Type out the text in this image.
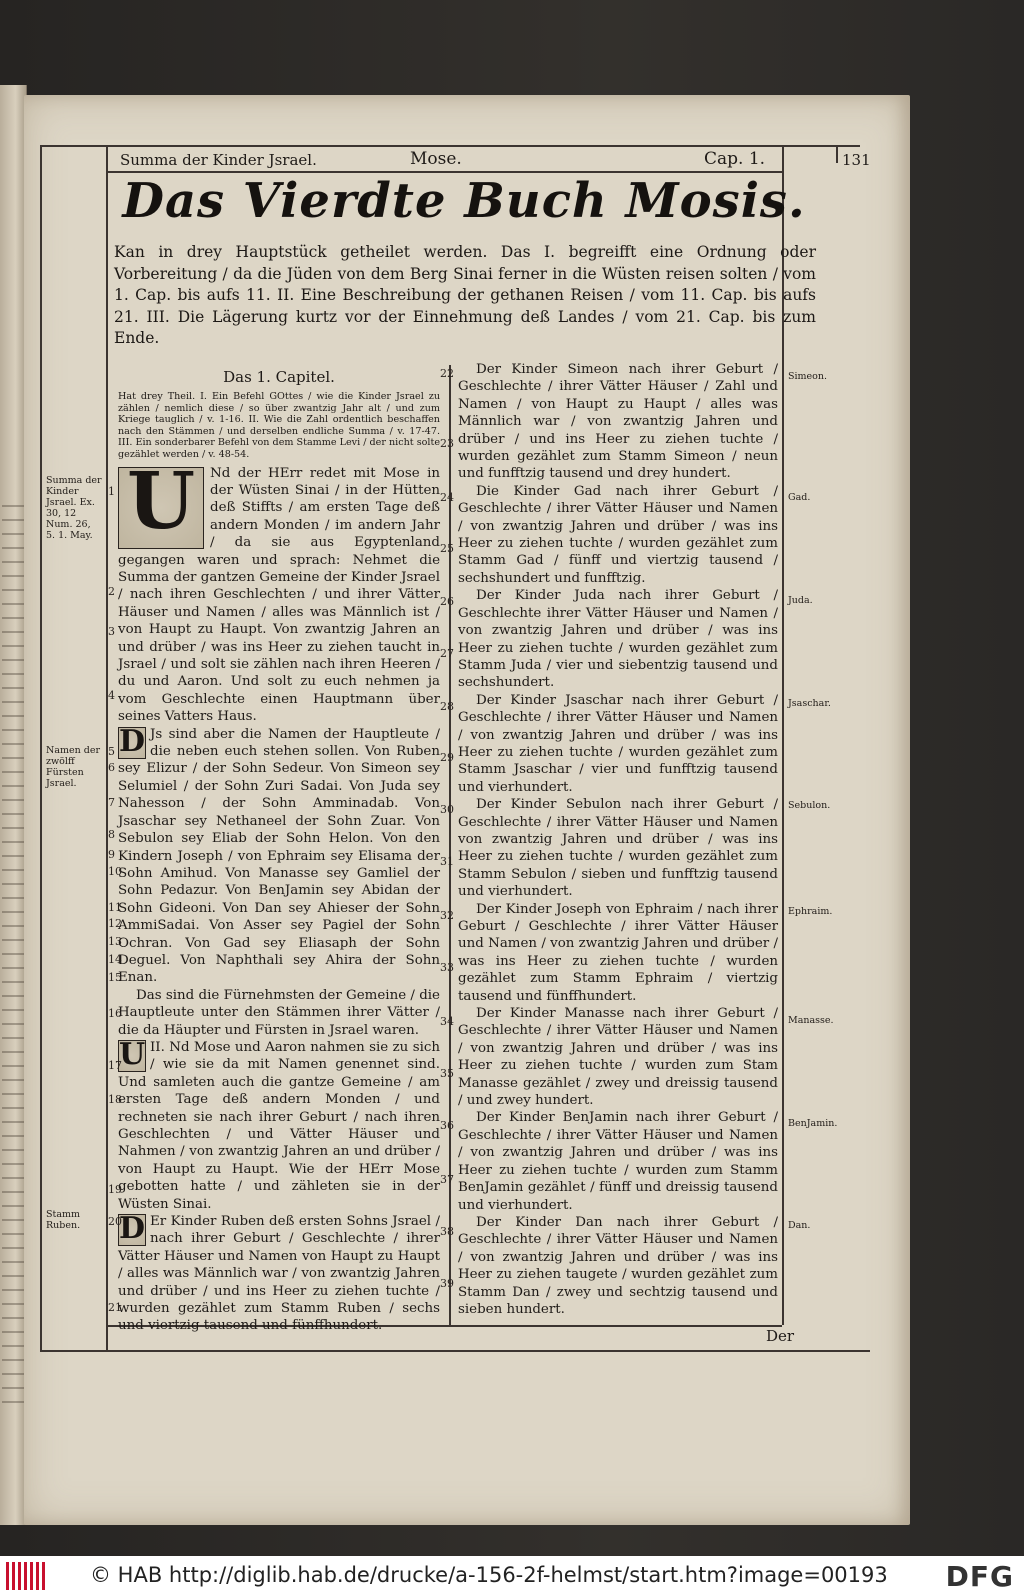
Summa der Kinder Jsrael.	Mose.	Cap. 1.	131
Das Vierdte Buch Mosis.
Kan in drey Hauptstück getheilet werden. Das I. begreifft eine Ordnung oder Vorbereitung / da die Jüden von dem Berg Sinai ferner in die Wüsten reisen solten / vom 1. Cap. bis aufs 11. II. Eine Beschreibung der gethanen Reisen / vom 11. Cap. bis aufs 21. III. Die Lägerung kurtz vor der Einnehmung deß Landes / vom 21. Cap. bis zum Ende.

Das 1. Capitel.

Hat drey Theil. I. Ein Befehl GOttes / wie die Kinder Jsrael zu zählen / nemlich diese / so über zwantzig Jahr alt / und zum Kriege tauglich / v. 1-16. II. Wie die Zahl ordentlich beschaffen nach den Stämmen / und derselben endliche Summa / v. 17-47. III. Ein sonderbarer Befehl von dem Stamme Levi / der nicht solte gezählet werden / v. 48-54.

U	Nd der HErr redet mit Mose in der Wüsten Sinai / in der Hütten deß Stiffts / am ersten Tage deß andern Monden / im andern Jahr / da sie aus Egyptenland gegangen waren und sprach: Nehmet die Summa der gantzen Gemeine der Kinder Jsrael / nach ihren Geschlechten / und ihrer Vätter Häuser und Namen / alles was Männlich ist / von Haupt zu Haupt. Von zwantzig Jahren an und drüber / was ins Heer zu ziehen taucht in Jsrael / und solt sie zählen nach ihren Heeren / du und Aaron. Und solt zu euch nehmen ja vom Geschlechte einen Hauptmann über seines Vatters Haus.

D Js sind aber die Namen der Hauptleute / die neben euch stehen sollen. Von Ruben sey Elizur / der Sohn Sedeur. Von Simeon sey Selumiel / der Sohn Zuri Sadai. Von Juda sey Nahesson / der Sohn Amminadab. Von Jsaschar sey Nethaneel der Sohn Zuar. Von Sebulon sey Eliab der Sohn Helon. Von den Kindern Joseph / von Ephraim sey Elisama der Sohn Amihud. Von Manasse sey Gamliel der Sohn Pedazur. Von BenJamin sey Abidan der Sohn Gideoni. Von Dan sey Ahieser der Sohn AmmiSadai. Von Asser sey Pagiel der Sohn Ochran. Von Gad sey Eliasaph der Sohn Deguel. Von Naphthali sey Ahira der Sohn Enan.

Das sind die Fürnehmsten der Gemeine / die Hauptleute unter den Stämmen ihrer Vätter / die da Häupter und Fürsten in Jsrael waren.

U II. Nd Mose und Aaron nahmen sie zu sich / wie sie da mit Namen genennet sind. Und samleten auch die gantze Gemeine / am ersten Tage deß andern Monden / und rechneten sie nach ihrer Geburt / nach ihren Geschlechten / und Vätter Häuser und Nahmen / von zwantzig Jahren an und drüber / von Haupt zu Haupt. Wie der HErr Mose gebotten hatte / und zähleten sie in der Wüsten Sinai.

D Er Kinder Ruben deß ersten Sohns Jsrael / nach ihrer Geburt / Geschlechte / ihrer Vätter Häuser und Namen von Haupt zu Haupt / alles was Männlich war / von zwantzig Jahren und drüber / und ins Heer zu ziehen tuchte / wurden gezählet zum Stamm Ruben / sechs und viertzig tausend und fünffhundert.

Der Kinder Simeon nach ihrer Geburt / Geschlechte / ihrer Vätter Häuser / Zahl und Namen / von Haupt zu Haupt / alles was Männlich war / von zwantzig Jahren und drüber / und ins Heer zu ziehen tuchte / wurden gezählet zum Stamm Simeon / neun und funfftzig tausend und drey hundert.

Die Kinder Gad nach ihrer Geburt / Geschlechte / ihrer Vätter Häuser und Namen / von zwantzig Jahren und drüber / was ins Heer zu ziehen tuchte / wurden gezählet zum Stamm Gad / fünff und viertzig tausend / sechshundert und funfftzig.

Der Kinder Juda nach ihrer Geburt / Geschlechte ihrer Vätter Häuser und Namen / von zwantzig Jahren und drüber / was ins Heer zu ziehen tuchte / wurden gezählet zum Stamm Juda / vier und siebentzig tausend und sechshundert.

Der Kinder Jsaschar nach ihrer Geburt / Geschlechte / ihrer Vätter Häuser und Namen / von zwantzig Jahren und drüber / was ins Heer zu ziehen tuchte / wurden gezählet zum Stamm Jsaschar / vier und funfftzig tausend und vierhundert.

Der Kinder Sebulon nach ihrer Geburt / Geschlechte / ihrer Vätter Häuser und Namen von zwantzig Jahren und drüber / was ins Heer zu ziehen tuchte / wurden gezählet zum Stamm Sebulon / sieben und funfftzig tausend und vierhundert.

Der Kinder Joseph von Ephraim / nach ihrer Geburt / Geschlechte / ihrer Vätter Häuser und Namen / von zwantzig Jahren und drüber / was ins Heer zu ziehen tuchte / wurden gezählet zum Stamm Ephraim / viertzig tausend und fünffhundert.

Der Kinder Manasse nach ihrer Geburt / Geschlechte / ihrer Vätter Häuser und Namen / von zwantzig Jahren und drüber / was ins Heer zu ziehen tuchte / wurden zum Stam Manasse gezählet / zwey und dreissig tausend / und zwey hundert.

Der Kinder BenJamin nach ihrer Geburt / Geschlechte / ihrer Vätter Häuser und Namen / von zwantzig Jahren und drüber / was ins Heer zu ziehen tuchte / wurden zum Stamm BenJamin gezählet / fünff und dreissig tausend und vierhundert.

Der Kinder Dan nach ihrer Geburt / Geschlechte / ihrer Vätter Häuser und Namen / von zwantzig Jahren und drüber / was ins Heer zu ziehen taugete / wurden gezählet zum Stamm Dan / zwey und sechtzig tausend und sieben hundert.

Summa der Kinder Jsrael. Ex. 30, 12 Num. 26, 5. 1. May.
Namen der zwölff Fürsten Jsrael.
Stamm Ruben.
Simeon.
Gad.
Juda.
Jsaschar.
Sebulon.
Ephraim.
Manasse.
BenJamin.
Dan.
1
2
3
4
5
6
7
8
9
10
11
12
13
14
15
16
17
18
19
20
21
22
23
24
25
26
27
28
29
30
31
32
33
34
35
36
37
38
39
Der
© HAB http://diglib.hab.de/drucke/a-156-2f-helmst/start.htm?image=00193 DFG
